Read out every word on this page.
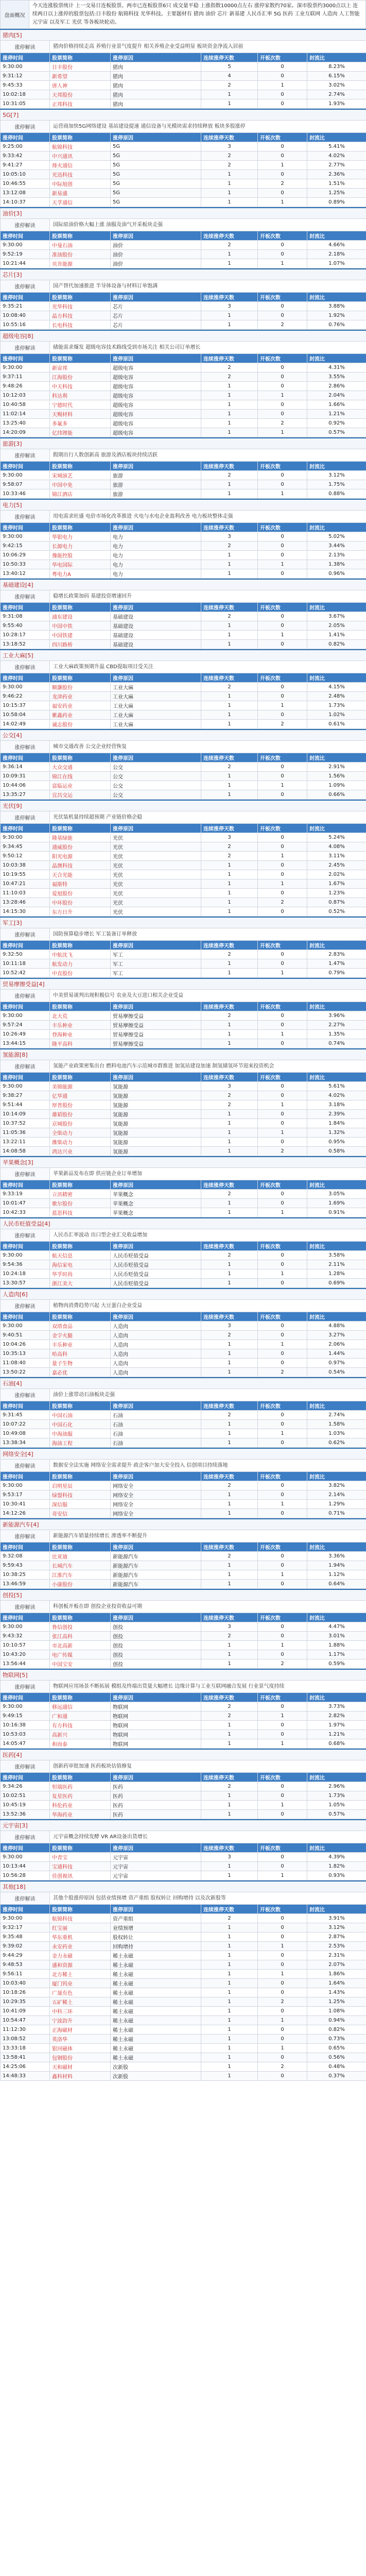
盘面概况	今天连涨股票统计 上一交易日连板股票。两市已连板股票6只 成交量平稳 上涨指数10000点左右 涨停家数约70家。深市股票约3000点以上 连续两日以上涨停的股票包括:日丰股份 航锦科技 光华科技。主要题材有 猪肉 油价 芯片 新基建 人民币汇率 5G 医药 工业互联网 人造肉 人工智能 元宇宙 以及军工 光伏 等各板块轮动。
猪肉[5]					
涨停解读	猪肉价格持续走高 养殖行业景气度提升 相关养殖企业受益明显 板块资金净流入居前				
涨停时间	股票简称	涨停原因	连续涨停天数	开板次数	封流比
9:30:00	日丰股份	猪肉	5	0	8.23%
9:31:12	新希望	猪肉	4	0	6.15%
9:45:33	唐人神	猪肉	2	1	3.02%
10:02:18	天邦股份	猪肉	1	0	2.74%
10:31:05	正邦科技	猪肉	1	0	1.93%
5G[7]					
涨停解读	运营商加快5G网络建设 基站建设提速 通信设备与光模块需求持续释放 板块多股涨停				
涨停时间	股票简称	涨停原因	连续涨停天数	开板次数	封流比
9:25:00	航锦科技	5G	3	0	5.41%
9:33:42	中兴通讯	5G	2	0	4.02%
9:41:27	烽火通信	5G	2	1	2.77%
10:05:10	光迅科技	5G	1	0	2.36%
10:46:55	中际旭创	5G	1	2	1.51%
13:12:08	新易盛	5G	1	0	1.25%
14:10:37	天孚通信	5G	1	1	0.89%
油价[3]					
涨停解读	国际原油价格大幅上涨 油服及油气开采板块走强				
涨停时间	股票简称	涨停原因	连续涨停天数	开板次数	封流比
9:30:00	中曼石油	油价	2	0	4.66%
9:52:19	准油股份	油价	1	0	2.18%
10:21:44	贝肯能源	油价	1	1	1.07%
芯片[3]					
涨停解读	国产替代加速推进 半导体设备与材料订单饱满				
涨停时间	股票简称	涨停原因	连续涨停天数	开板次数	封流比
9:35:21	光华科技	芯片	3	0	3.88%
10:08:40	晶方科技	芯片	1	0	1.92%
10:55:16	长电科技	芯片	1	2	0.76%
超级电容[8]					
涨停解读	储能需求爆发 超级电容技术路线受到市场关注 相关公司订单增长				
涨停时间	股票简称	涨停原因	连续涨停天数	开板次数	封流比
9:30:00	新宙邦	超级电容	2	0	4.31%
9:37:11	江海股份	超级电容	2	0	3.55%
9:48:26	中天科技	超级电容	1	0	2.86%
10:12:03	科达利	超级电容	1	1	2.04%
10:40:58	宁德时代	超级电容	1	0	1.66%
11:02:14	天赐材料	超级电容	1	0	1.21%
13:25:40	多氟多	超级电容	1	2	0.92%
14:20:09	亿纬锂能	超级电容	1	1	0.57%
旅游[3]					
涨停解读	假期出行人数创新高 旅游及酒店板块持续活跃				
涨停时间	股票简称	涨停原因	连续涨停天数	开板次数	封流比
9:30:00	宋城演艺	旅游	2	0	3.12%
9:58:07	中国中免	旅游	1	0	1.75%
10:33:46	锦江酒店	旅游	1	1	0.88%
电力[5]					
涨停解读	用电需求旺盛 电价市场化改革推进 火电与水电企业盈利改善 电力板块整体走强				
涨停时间	股票简称	涨停原因	连续涨停天数	开板次数	封流比
9:30:00	华银电力	电力	3	0	5.02%
9:42:15	长源电力	电力	2	0	3.44%
10:06:29	豫能控股	电力	1	0	2.13%
10:50:33	华电国际	电力	1	1	1.38%
13:40:12	粤电力A	电力	1	0	0.96%
基础建设[4]					
涨停解读	稳增长政策加码 基建投资增速回升				
涨停时间	股票简称	涨停原因	连续涨停天数	开板次数	封流比
9:31:08	浦东建设	基础建设	2	0	3.67%
9:55:40	中国中铁	基础建设	1	0	2.05%
10:28:17	中国铁建	基础建设	1	1	1.41%
13:18:52	四川路桥	基础建设	1	0	0.82%
工业大麻[5]					
涨停解读	工业大麻政策预期升温 CBD提取项目受关注				
涨停时间	股票简称	涨停原因	连续涨停天数	开板次数	封流比
9:30:00	顺灏股份	工业大麻	2	0	4.15%
9:46:22	龙津药业	工业大麻	1	0	2.48%
10:15:37	福安药业	工业大麻	1	1	1.73%
10:58:04	紫鑫药业	工业大麻	1	0	1.02%
14:02:49	诚志股份	工业大麻	1	2	0.61%
公交[4]					
涨停解读	城市交通改善 公交企业经营恢复				
涨停时间	股票简称	涨停原因	连续涨停天数	开板次数	封流比
9:36:14	大众交通	公交	2	0	2.91%
10:09:31	锦江在线	公交	1	0	1.56%
10:44:06	富临运业	公交	1	1	1.09%
13:35:27	宜昌交运	公交	1	0	0.66%
光伏[9]					
涨停解读	光伏装机量持续超预期 产业链价格企稳				
涨停时间	股票简称	涨停原因	连续涨停天数	开板次数	封流比
9:30:00	隆基绿能	光伏	3	0	5.24%
9:34:45	通威股份	光伏	2	0	4.08%
9:50:12	阳光电源	光伏	2	1	3.11%
10:03:38	晶澳科技	光伏	1	0	2.45%
10:19:55	天合光能	光伏	1	0	2.02%
10:47:21	福斯特	光伏	1	1	1.67%
11:10:03	爱旭股份	光伏	1	0	1.23%
13:28:46	中环股份	光伏	1	2	0.87%
14:15:30	东方日升	光伏	1	0	0.52%
军工[3]					
涨停解读	国防预算稳步增长 军工装备订单释放				
涨停时间	股票简称	涨停原因	连续涨停天数	开板次数	封流比
9:32:50	中航沈飞	军工	2	0	2.83%
10:11:18	航发动力	军工	1	0	1.47%
10:52:42	中直股份	军工	1	1	0.79%
贸易摩擦受益[4]					
涨停解读	中美贸易谈判出现积极信号 农业及大豆进口相关企业受益				
涨停时间	股票简称	涨停原因	连续涨停天数	开板次数	封流比
9:30:00	北大荒	贸易摩擦受益	2	0	3.96%
9:57:24	丰乐种业	贸易摩擦受益	1	0	2.27%
10:26:49	登海种业	贸易摩擦受益	1	1	1.35%
13:44:15	隆平高科	贸易摩擦受益	1	0	0.74%
氢能源[8]					
涨停解读	氢能产业政策密集出台 燃料电池汽车示范城市群推进 加氢站建设加速 制氢储氢环节迎来投资机会				
涨停时间	股票简称	涨停原因	连续涨停天数	开板次数	封流比
9:30:00	美锦能源	氢能源	3	0	5.61%
9:38:27	亿华通	氢能源	2	0	4.02%
9:51:44	厚普股份	氢能源	2	1	3.18%
10:14:09	雄韬股份	氢能源	1	0	2.39%
10:37:52	京城股份	氢能源	1	0	1.84%
11:05:36	全柴动力	氢能源	1	1	1.32%
13:22:11	潍柴动力	氢能源	1	0	0.95%
14:08:58	鸿达兴业	氢能源	1	2	0.58%
苹果概念[3]					
涨停解读	苹果新品发布在即 供应链企业订单增加				
涨停时间	股票简称	涨停原因	连续涨停天数	开板次数	封流比
9:33:19	立讯精密	苹果概念	2	0	3.05%
10:01:47	歌尔股份	苹果概念	1	0	1.69%
10:42:33	蓝思科技	苹果概念	1	1	0.91%
人民币贬值受益[4]					
涨停解读	人民币汇率波动 出口型企业汇兑收益增加				
涨停时间	股票简称	涨停原因	连续涨停天数	开板次数	封流比
9:30:00	航天信息	人民币贬值受益	2	0	3.58%
9:54:36	海信家电	人民币贬值受益	1	0	2.11%
10:24:18	华孚时尚	人民币贬值受益	1	1	1.28%
13:30:57	浙江美大	人民币贬值受益	1	0	0.69%
人造肉[6]					
涨停解读	植物肉消费趋势兴起 大豆蛋白企业受益				
涨停时间	股票简称	涨停原因	连续涨停天数	开板次数	封流比
9:30:00	双塔食品	人造肉	3	0	4.88%
9:40:51	金字火腿	人造肉	2	0	3.27%
10:04:26	丰乐种业	人造肉	1	1	2.06%
10:35:13	哈高科	人造肉	1	0	1.44%
11:08:40	量子生物	人造肉	1	0	0.97%
13:50:22	嘉必优	人造肉	1	2	0.54%
石油[4]					
涨停解读	油价上涨带动石油板块走强				
涨停时间	股票简称	涨停原因	连续涨停天数	开板次数	封流比
9:31:45	中国石油	石油	2	0	2.74%
10:07:22	中国石化	石油	1	0	1.58%
10:49:08	中海油服	石油	1	1	1.03%
13:38:34	海油工程	石油	1	0	0.62%
网络安全[4]					
涨停解读	数据安全法实施 网络安全需求提升 政企客户加大安全投入 信创项目持续落地				
涨停时间	股票简称	涨停原因	连续涨停天数	开板次数	封流比
9:30:00	启明星辰	网络安全	2	0	3.82%
9:53:17	绿盟科技	网络安全	1	0	2.14%
10:30:41	深信服	网络安全	1	1	1.29%
14:12:26	奇安信	网络安全	1	0	0.71%
新能源汽车[4]					
涨停解读	新能源汽车销量持续增长 渗透率不断提升				
涨停时间	股票简称	涨停原因	连续涨停天数	开板次数	封流比
9:32:08	比亚迪	新能源汽车	2	0	3.36%
9:59:43	长城汽车	新能源汽车	1	0	1.94%
10:38:25	江淮汽车	新能源汽车	1	1	1.12%
13:46:59	小康股份	新能源汽车	1	0	0.64%
创投[5]					
涨停解读	科创板开板在即 创投企业投资收益可期				
涨停时间	股票简称	涨停原因	连续涨停天数	开板次数	封流比
9:30:00	鲁信创投	创投	3	0	4.47%
9:43:32	张江高科	创投	2	0	3.01%
10:10:57	市北高新	创投	1	1	1.88%
10:43:20	电广传媒	创投	1	0	1.17%
13:56:44	中国宝安	创投	1	2	0.59%
物联网[5]					
涨停解读	物联网应用场景不断拓展 模组及终端出货量大幅增长 边缘计算与工业互联网融合发展 行业景气度持续				
涨停时间	股票简称	涨停原因	连续涨停天数	开板次数	封流比
9:30:00	移远通信	物联网	2	0	3.73%
9:49:15	广和通	物联网	2	1	2.82%
10:16:38	有方科技	物联网	1	0	1.97%
10:53:03	高新兴	物联网	1	0	1.21%
14:05:47	和而泰	物联网	1	1	0.68%
医药[4]					
涨停解读	创新药审批加速 医药板块估值修复				
涨停时间	股票简称	涨停原因	连续涨停天数	开板次数	封流比
9:34:26	恒瑞医药	医药	2	0	2.96%
10:02:51	复星医药	医药	1	0	1.73%
10:45:19	科伦药业	医药	1	1	1.05%
13:52:36	华海药业	医药	1	0	0.57%
元宇宙[3]					
涨停解读	元宇宙概念持续发酵 VR AR设备出货增长				
涨停时间	股票简称	涨停原因	连续涨停天数	开板次数	封流比
9:30:00	中青宝	元宇宙	3	0	4.39%
10:13:44	宝通科技	元宇宙	1	0	1.82%
10:56:28	佳创视讯	元宇宙	1	1	0.93%
其他[18]					
涨停解读	其他个股涨停原因 包括业绩预增 资产重组 股权转让 回购增持 以及次新股等				
涨停时间	股票简称	涨停原因	连续涨停天数	开板次数	封流比
9:30:00	航锦科技	资产重组	2	0	3.91%
9:32:17	红宝丽	业绩预增	1	0	3.12%
9:35:48	华东重机	股权转让	1	0	2.87%
9:39:02	永安药业	回购增持	1	1	2.53%
9:44:29	金力永磁	稀土永磁	1	0	2.31%
9:48:53	盛和资源	稀土永磁	1	0	2.07%
9:56:11	北方稀土	稀土永磁	1	1	1.86%
10:03:40	厦门钨业	稀土永磁	1	0	1.64%
10:18:26	广晟有色	稀土永磁	1	0	1.43%
10:29:35	五矿稀土	稀土永磁	1	2	1.25%
10:41:09	中科三环	稀土永磁	1	0	1.08%
10:54:47	宁波韵升	稀土永磁	1	1	0.94%
11:12:30	正海磁材	稀土永磁	1	0	0.82%
13:08:52	英洛华	稀土永磁	1	0	0.73%
13:33:18	银河磁体	稀土永磁	1	1	0.65%
13:58:41	包钢股份	稀土永磁	1	0	0.56%
14:25:06	天和磁材	次新股	1	2	0.48%
14:48:33	鑫科材料	次新股	1	0	0.37%
